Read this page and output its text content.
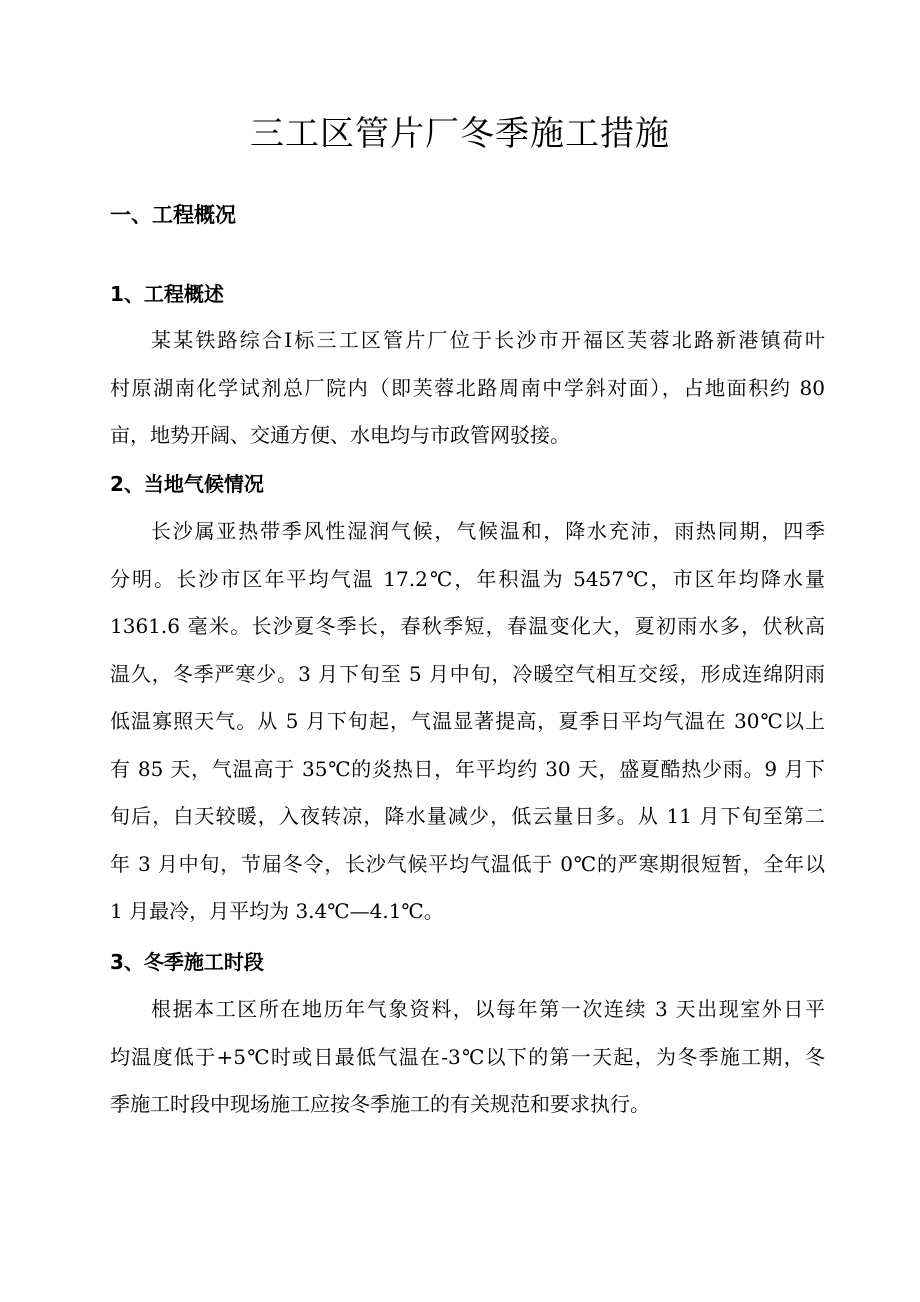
三工区管片厂冬季施工措施
一、工程概况
1、工程概述
某某铁路综合Ⅰ标三工区管片厂位于长沙市开福区芙蓉北路新港镇荷叶
村原湖南化学试剂总厂院内（即芙蓉北路周南中学斜对面），占地面积约 80
亩，地势开阔、交通方便、水电均与市政管网驳接。
2、当地气候情况
长沙属亚热带季风性湿润气候，气候温和，降水充沛，雨热同期，四季
分明。长沙市区年平均气温 17.2℃，年积温为 5457℃，市区年均降水量
1361.6 毫米。长沙夏冬季长，春秋季短，春温变化大，夏初雨水多，伏秋高
温久，冬季严寒少。3 月下旬至 5 月中旬，冷暖空气相互交绥，形成连绵阴雨
低温寡照天气。从 5 月下旬起，气温显著提高，夏季日平均气温在 30℃以上
有 85 天，气温高于 35℃的炎热日，年平均约 30 天，盛夏酷热少雨。9 月下
旬后，白天较暖，入夜转凉，降水量减少，低云量日多。从 11 月下旬至第二
年 3 月中旬，节届冬令，长沙气候平均气温低于 0℃的严寒期很短暂，全年以
1 月最冷，月平均为 3.4℃—4.1℃。
3、冬季施工时段
根据本工区所在地历年气象资料，以每年第一次连续 3 天出现室外日平
均温度低于+5℃时或日最低气温在-3℃以下的第一天起，为冬季施工期，冬
季施工时段中现场施工应按冬季施工的有关规范和要求执行。
